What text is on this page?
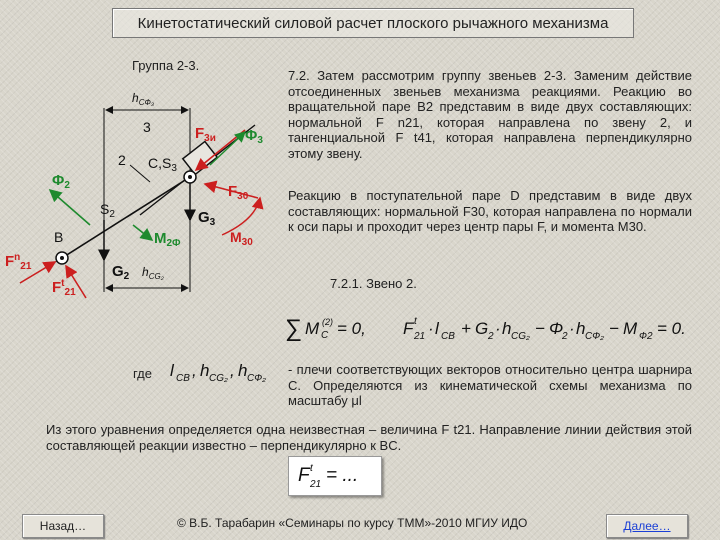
Кинетостатический силовой расчет плоского рычажного механизма
Группа 2-3.
$h_{CФ_3}$
3
2 $C,S_3$
$F_{3и}$ $\Phi_3$
$\Phi_2$	$F_{30}$
$S_2$	$G_3$
B	$M_{2Ф}$	$M_{30}$
$F^n_{21}$	$G_2$ $h_{CG_2}$
$F^t_{21}$
7.2. Затем рассмотрим группу звеньев 2-3. Заменим действие отсоединенных звеньев механизма реакциями. Реакцию во вращательной паре B2 представим в виде двух составляющих: нормальной F n21, которая направлена по звену 2, и тангенциальной F t41, которая направлена перпендикулярно этому звену.
Реакцию в поступательной паре D представим в виде двух составляющих: нормальной F30, которая направлена по нормали к оси пары и проходит через центр пары F, и момента M30.
7.2.1. Звено 2.
∑ M C
(2) = 0, F t
21 · l CB + G 2 · h CG₂ − Φ
2 · h CФ₂ − M Ф2 = 0.
где	l CB , h CG₂ , h CФ₂
- плечи соответствующих векторов относительно центра шарнира C. Определяются из кинематической схемы механизма по масштабу μl
Из этого уравнения определяется одна неизвестная – величина F t21. Направление линии действия этой составляющей реакции известно – перпендикулярно к BC.
F t
21 = ...
Назад…	© В.Б. Тарабарин «Семинары по курсу ТММ»-2010 МГИУ ИДО	Далее…
